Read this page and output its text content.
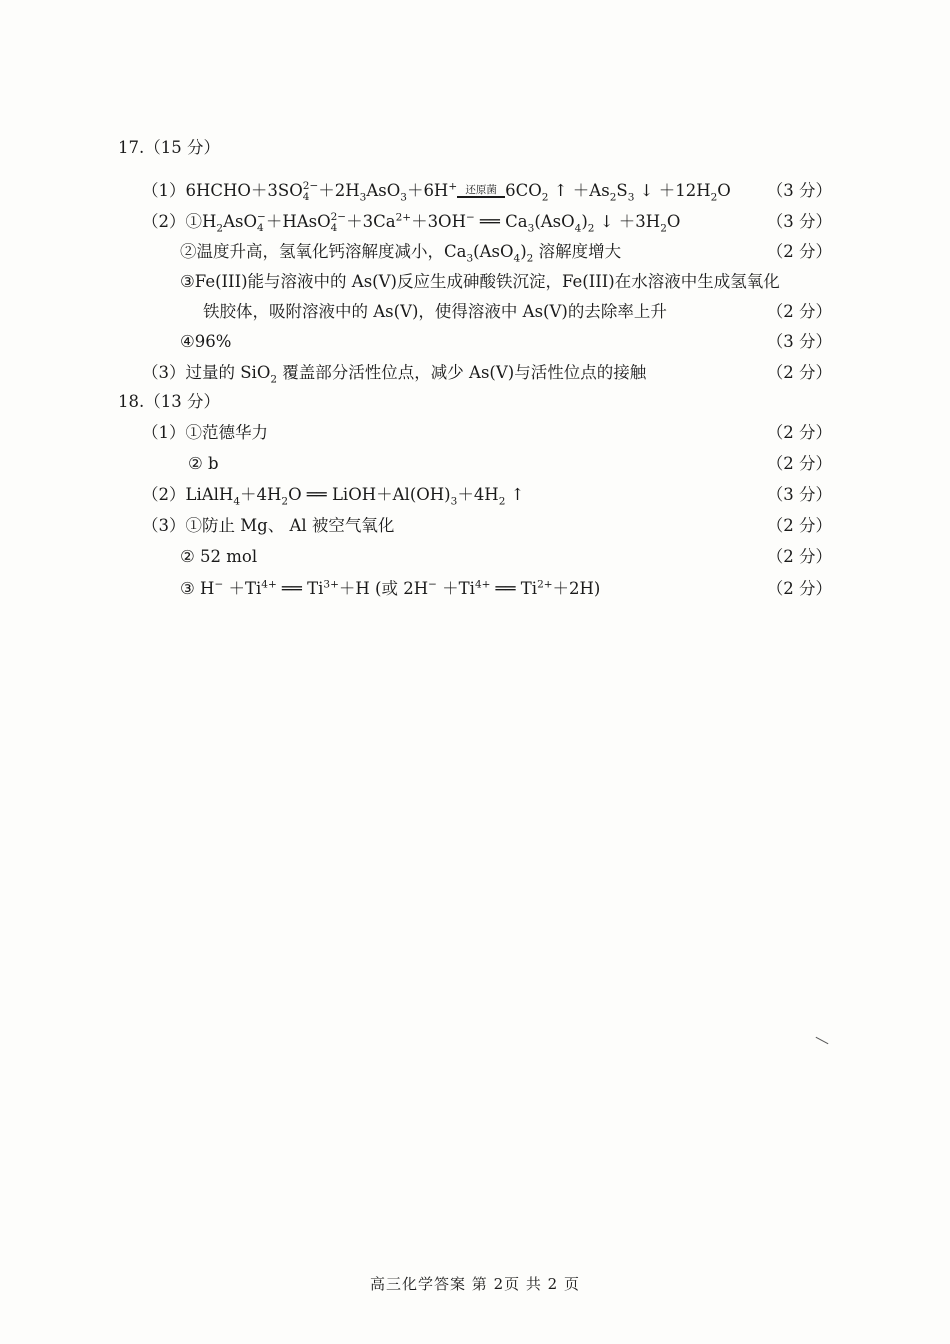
17.（15 分）
（1）6HCHO＋3SO 2−
$4 +2H_3AsO_3+6H^+$ 还原菌 $6CO_2$ ↑ $+As_2S_3$ ↓ $+12H_2O$ （3 分）
$(2)①H_2AsO$ −
4 ＋HAsO 2−
$4 +3Ca^{2+}+3OH^-$ ══ $Ca_3(AsO_4)_2$ ↓ $+3H_2O$	（3 分）
②温度升高，氢氧化钙溶解度减小，$Ca_3(AsO_4)_2$ 溶解度增大	（2 分）
③Fe(III)能与溶液中的 As(V)反应生成砷酸铁沉淀，Fe(III)在水溶液中生成氢氧化
铁胶体，吸附溶液中的 As(V)，使得溶液中 As(V)的去除率上升	（2 分）
④96%	（3 分）
（3）过量的 SiO$_2$ 覆盖部分活性位点，减少 As(V)与活性位点的接触	（2 分）
18.（13 分）
（1）①范德华力	（2 分）
② b	（2 分）
$(2)LiAlH_4+4H_2O$ ══ $LiOH+Al(OH)_3+4H_2$ ↑	（3 分）
（3）①防止 Mg、 Al 被空气氧化	（2 分）
② 52 mol	（2 分）
③ $H^- +Ti^{4+}$ ══ $Ti^{3+}+H$ (或 $2H^- +Ti^{4+}$ ══ $Ti^{2+}+2H$)	（2 分）
高三化学答案 第 2页 共 2 页
